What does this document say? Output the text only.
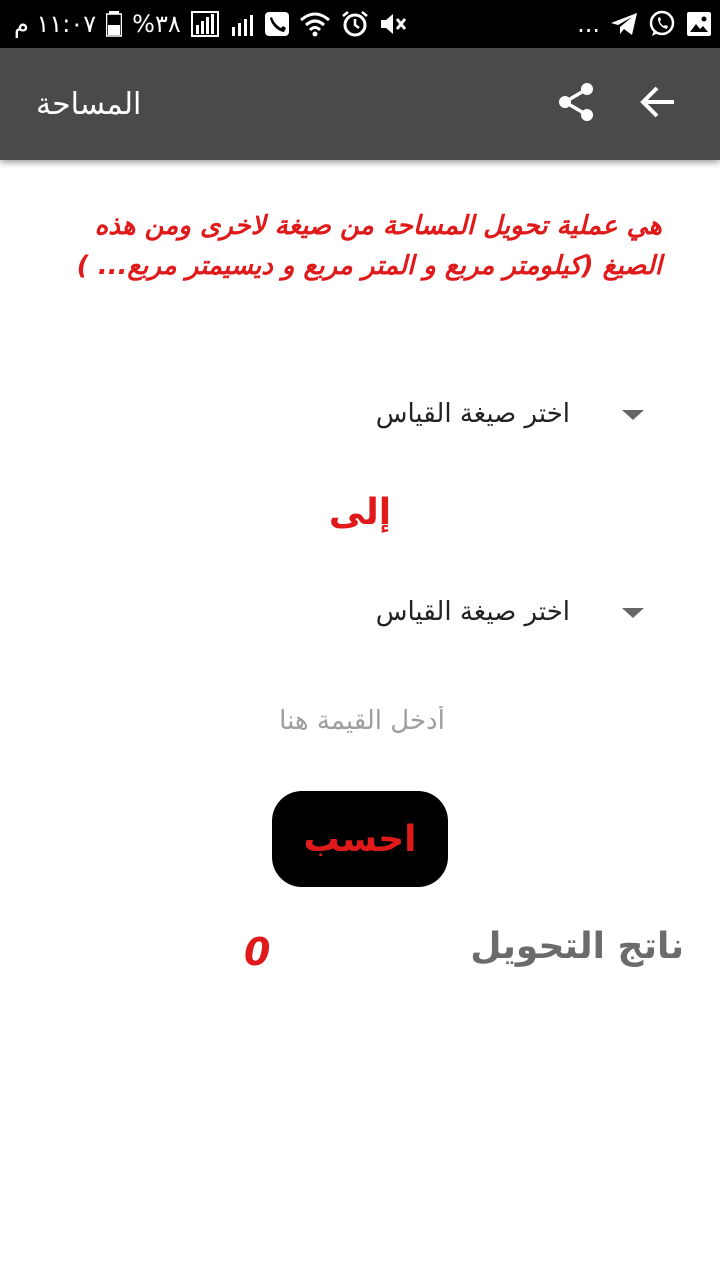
١١:٠٧ م %٣٨	...
المساحة
هي عملية تحويل المساحة من صيغة لاخرى ومن هذه الصيغ (كيلومتر مربع و المتر مربع و ديسيمتر مربع... )
اختر صيغة القياس
إلى
اختر صيغة القياس
أدخل القيمة هنا
احسب
ناتج التحويل
0
